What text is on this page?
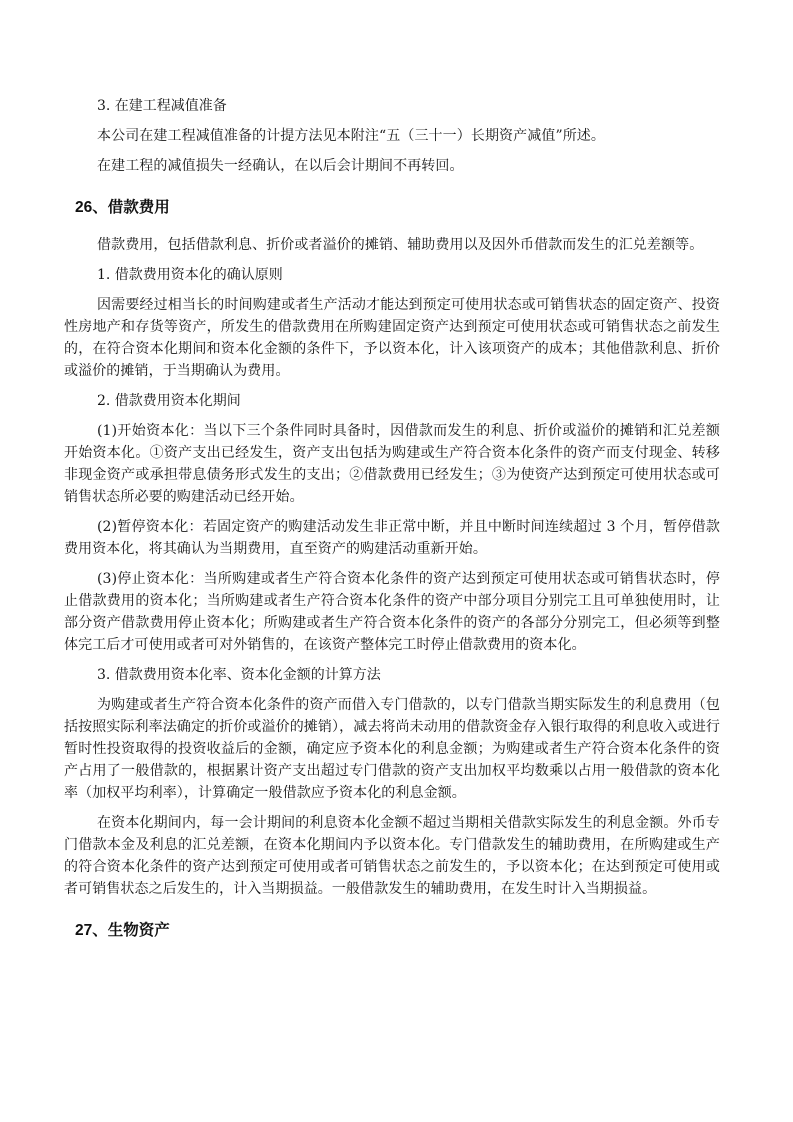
3. 在建工程减值准备

本公司在建工程减值准备的计提方法见本附注“五（三十一）长期资产减值”所述。

在建工程的减值损失一经确认，在以后会计期间不再转回。

26、借款费用

借款费用，包括借款利息、折价或者溢价的摊销、辅助费用以及因外币借款而发生的汇兑差额等。

1. 借款费用资本化的确认原则

因需要经过相当长的时间购建或者生产活动才能达到预定可使用状态或可销售状态的固定资产、投资性房地产和存货等资产，所发生的借款费用在所购建固定资产达到预定可使用状态或可销售状态之前发生的，在符合资本化期间和资本化金额的条件下，予以资本化，计入该项资产的成本；其他借款利息、折价或溢价的摊销，于当期确认为费用。

2. 借款费用资本化期间

(1)开始资本化：当以下三个条件同时具备时，因借款而发生的利息、折价或溢价的摊销和汇兑差额开始资本化。①资产支出已经发生，资产支出包括为购建或生产符合资本化条件的资产而支付现金、转移非现金资产或承担带息债务形式发生的支出；②借款费用已经发生；③为使资产达到预定可使用状态或可销售状态所必要的购建活动已经开始。

(2)暂停资本化：若固定资产的购建活动发生非正常中断，并且中断时间连续超过 3 个月，暂停借款费用资本化，将其确认为当期费用，直至资产的购建活动重新开始。

(3)停止资本化：当所购建或者生产符合资本化条件的资产达到预定可使用状态或可销售状态时，停止借款费用的资本化；当所购建或者生产符合资本化条件的资产中部分项目分别完工且可单独使用时，让部分资产借款费用停止资本化；所购建或者生产符合资本化条件的资产的各部分分别完工，但必须等到整体完工后才可使用或者可对外销售的，在该资产整体完工时停止借款费用的资本化。

3. 借款费用资本化率、资本化金额的计算方法

为购建或者生产符合资本化条件的资产而借入专门借款的，以专门借款当期实际发生的利息费用（包括按照实际利率法确定的折价或溢价的摊销），减去将尚未动用的借款资金存入银行取得的利息收入或进行暂时性投资取得的投资收益后的金额，确定应予资本化的利息金额；为购建或者生产符合资本化条件的资产占用了一般借款的，根据累计资产支出超过专门借款的资产支出加权平均数乘以占用一般借款的资本化率（加权平均利率），计算确定一般借款应予资本化的利息金额。

在资本化期间内，每一会计期间的利息资本化金额不超过当期相关借款实际发生的利息金额。外币专门借款本金及利息的汇兑差额，在资本化期间内予以资本化。专门借款发生的辅助费用，在所购建或生产的符合资本化条件的资产达到预定可使用或者可销售状态之前发生的，予以资本化；在达到预定可使用或者可销售状态之后发生的，计入当期损益。一般借款发生的辅助费用，在发生时计入当期损益。

27、生物资产
